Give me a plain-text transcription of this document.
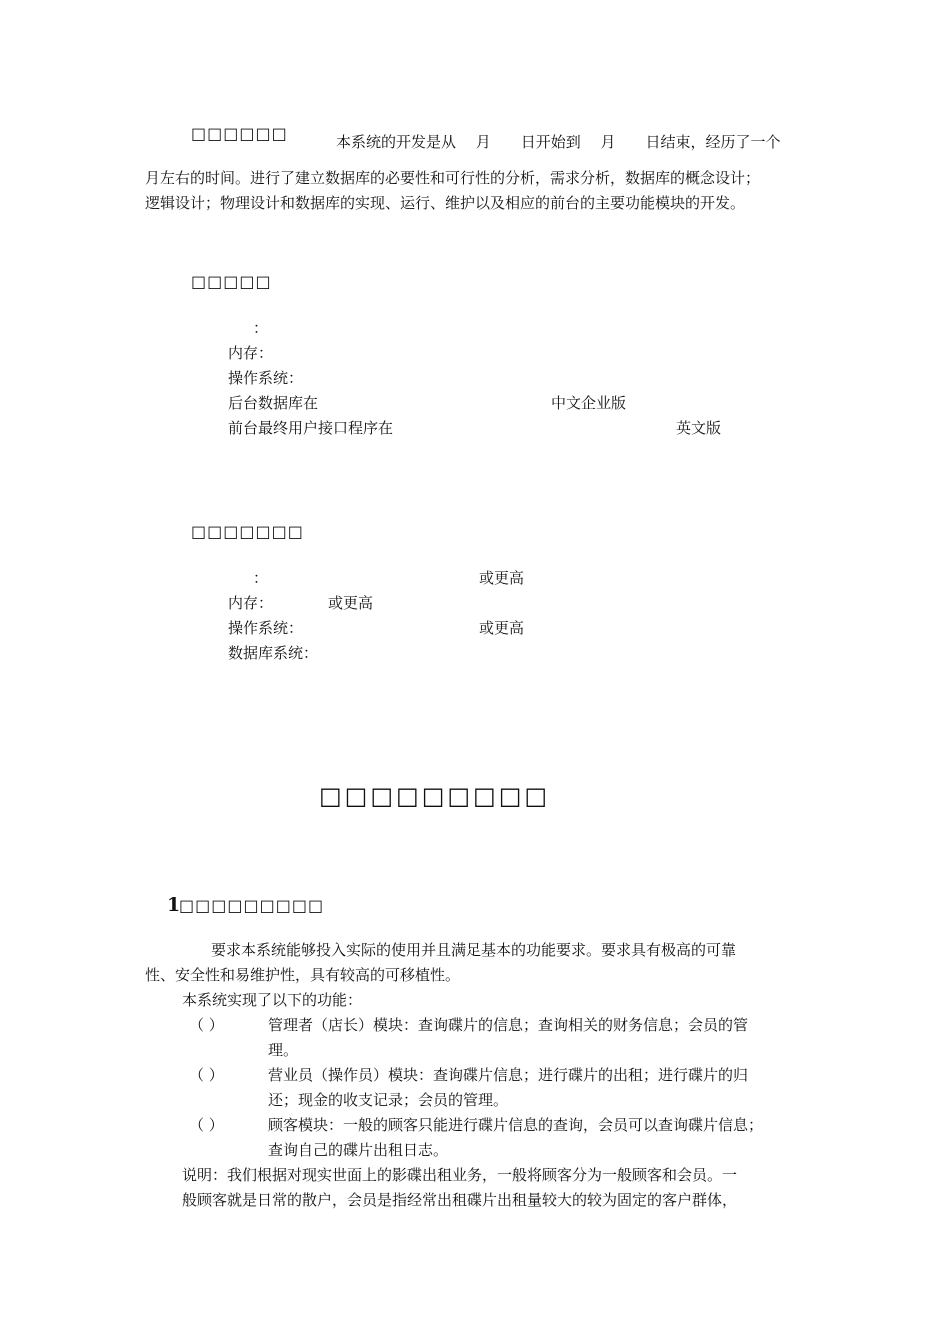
□□□□□□	本系统的开发是从　 月　　日开始到　 月　　日结束，经历了一个
月左右的时间。进行了建立数据库的必要性和可行性的分析，需求分析，数据库的概念设计；
逻辑设计；物理设计和数据库的实现、运行、维护以及相应的前台的主要功能模块的开发。
□□□□□
：
内存：
操作系统：
后台数据库在	中文企业版
前台最终用户接口程序在	英文版
□□□□□□□
：	或更高
内存：	或更高
操作系统：	或更高
数据库系统：
□□□□□□□□□
1
□□□□□□□□□
要求本系统能够投入实际的使用并且满足基本的功能要求。要求具有极高的可靠
性、安全性和易维护性，具有较高的可移植性。
本系统实现了以下的功能：
（ ）	管理者（店长）模块：查询碟片的信息；查询相关的财务信息；会员的管
理。
（ ）	营业员（操作员）模块：查询碟片信息；进行碟片的出租；进行碟片的归
还；现金的收支记录；会员的管理。
（ ）	顾客模块：一般的顾客只能进行碟片信息的查询，会员可以查询碟片信息；
查询自己的碟片出租日志。
说明：我们根据对现实世面上的影碟出租业务，一般将顾客分为一般顾客和会员。一
般顾客就是日常的散户，会员是指经常出租碟片出租量较大的较为固定的客户群体，
